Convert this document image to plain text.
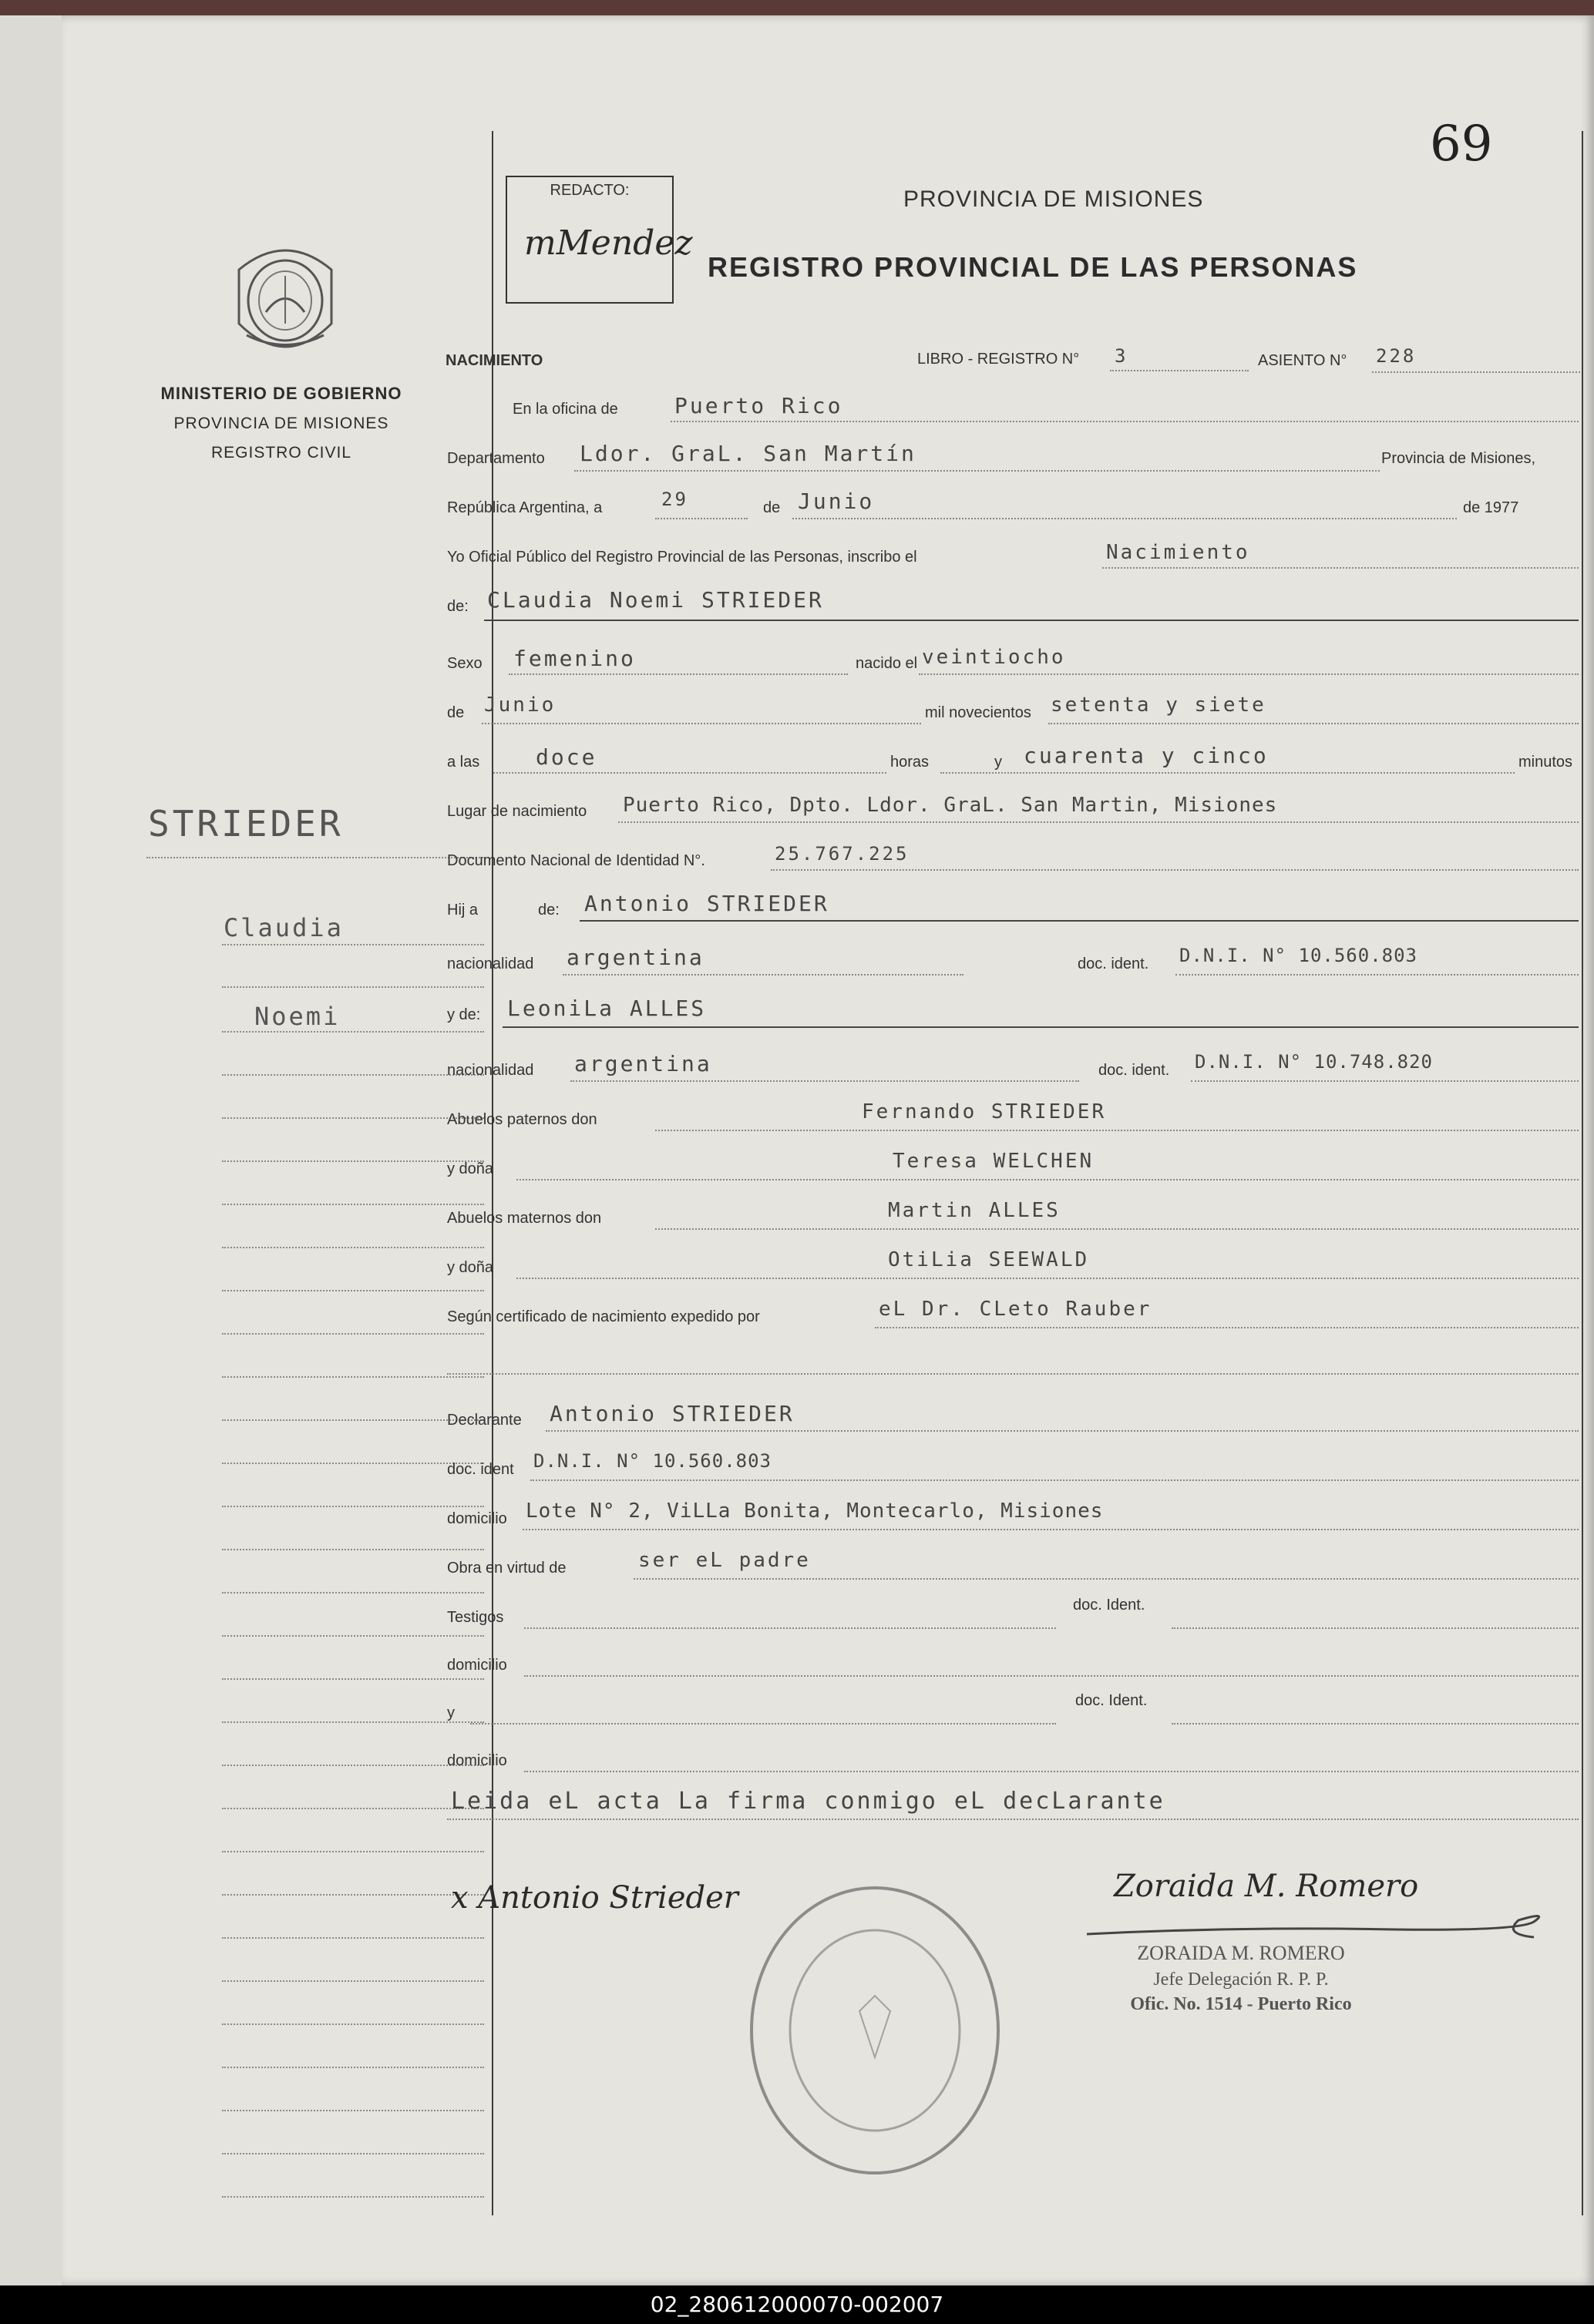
MINISTERIO DE GOBIERNO
PROVINCIA DE MISIONES
REGISTRO CIVIL
STRIEDER
Claudia
Noemi
69
REDACTO:
mMendez
PROVINCIA DE MISIONES
REGISTRO PROVINCIAL DE LAS PERSONAS
NACIMIENTO	LIBRO - REGISTRO N° 3	ASIENTO N° 228
En la oficina de	Puerto Rico
Departamento Ldor. GraL. San Martín	Provincia de Misiones,
República Argentina, a	29	de Junio	de 1977
Yo Oficial Público del Registro Provincial de las Personas, inscribo el	Nacimiento
de: CLaudia Noemi STRIEDER
Sexo femenino	nacido el veintiocho
de Junio	mil novecientos setenta y siete
a las	doce	horas	y cuarenta y cinco	minutos
Lugar de nacimiento Puerto Rico, Dpto. Ldor. GraL. San Martin, Misiones
Documento Nacional de Identidad N°.	25.767.225
Hij a	de: Antonio STRIEDER
nacionalidad argentina	doc. ident. D.N.I. N° 10.560.803
y de: LeoniLa ALLES
nacionalidad argentina	doc. ident. D.N.I. N° 10.748.820
Abuelos paternos don	Fernando STRIEDER
y doña	Teresa WELCHEN
Abuelos maternos don	Martin ALLES
y doña	OtiLia SEEWALD
Según certificado de nacimiento expedido por	eL Dr. CLeto Rauber
Declarante Antonio STRIEDER
doc. ident D.N.I. N° 10.560.803
domicilio Lote N° 2, ViLLa Bonita, Montecarlo, Misiones
Obra en virtud de	ser eL padre
Testigos
doc. Ident.
domicilio
y
doc. Ident.
domicilio
Leida eL acta La firma conmigo eL decLarante
x Antonio Strieder	Zoraida M. Romero
ZORAIDA M. ROMERO
Jefe Delegación R. P. P.
Ofic. No. 1514 - Puerto Rico
02_280612000070-002007
